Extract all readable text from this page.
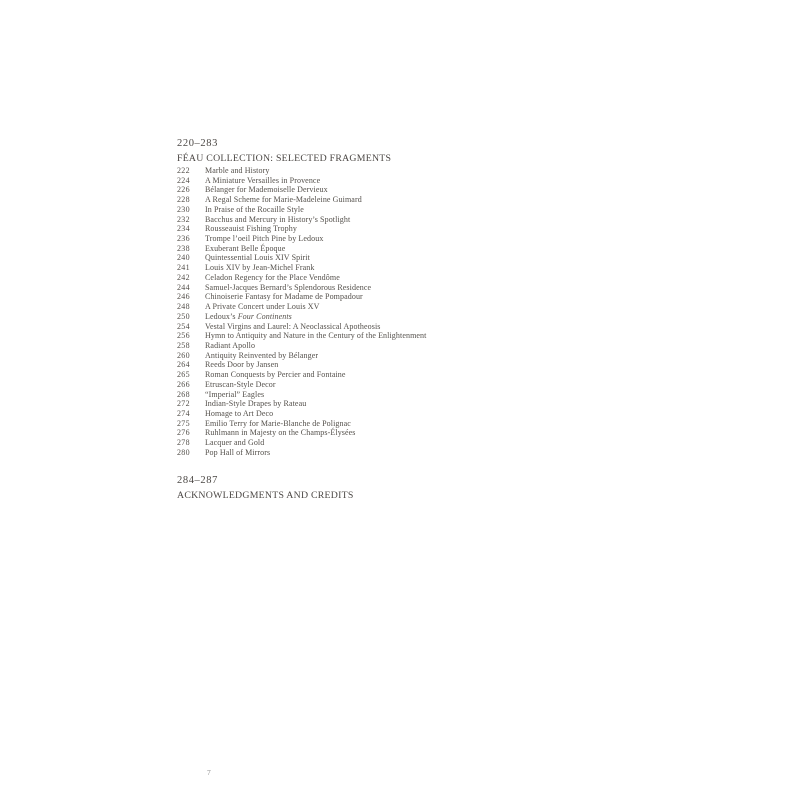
220–283
FÉAU COLLECTION: SELECTED FRAGMENTS
222	Marble and History
224	A Miniature Versailles in Provence
226	Bélanger for Mademoiselle Dervieux
228	A Regal Scheme for Marie-Madeleine Guimard
230	In Praise of the Rocaille Style
232	Bacchus and Mercury in History’s Spotlight
234	Rousseauist Fishing Trophy
236	Trompe l’oeil Pitch Pine by Ledoux
238	Exuberant Belle Époque
240	Quintessential Louis XIV Spirit
241	Louis XIV by Jean-Michel Frank
242	Celadon Regency for the Place Vendôme
244	Samuel-Jacques Bernard’s Splendorous Residence
246	Chinoiserie Fantasy for Madame de Pompadour
248	A Private Concert under Louis XV
250	Ledoux’s Four Continents
254	Vestal Virgins and Laurel: A Neoclassical Apotheosis
256	Hymn to Antiquity and Nature in the Century of the Enlightenment
258	Radiant Apollo
260	Antiquity Reinvented by Bélanger
264	Reeds Door by Jansen
265	Roman Conquests by Percier and Fontaine
266	Etruscan-Style Decor
268	“Imperial” Eagles
272	Indian-Style Drapes by Rateau
274	Homage to Art Deco
275	Emilio Terry for Marie-Blanche de Polignac
276	Ruhlmann in Majesty on the Champs-Élysées
278	Lacquer and Gold
280	Pop Hall of Mirrors
284–287
ACKNOWLEDGMENTS AND CREDITS
7
